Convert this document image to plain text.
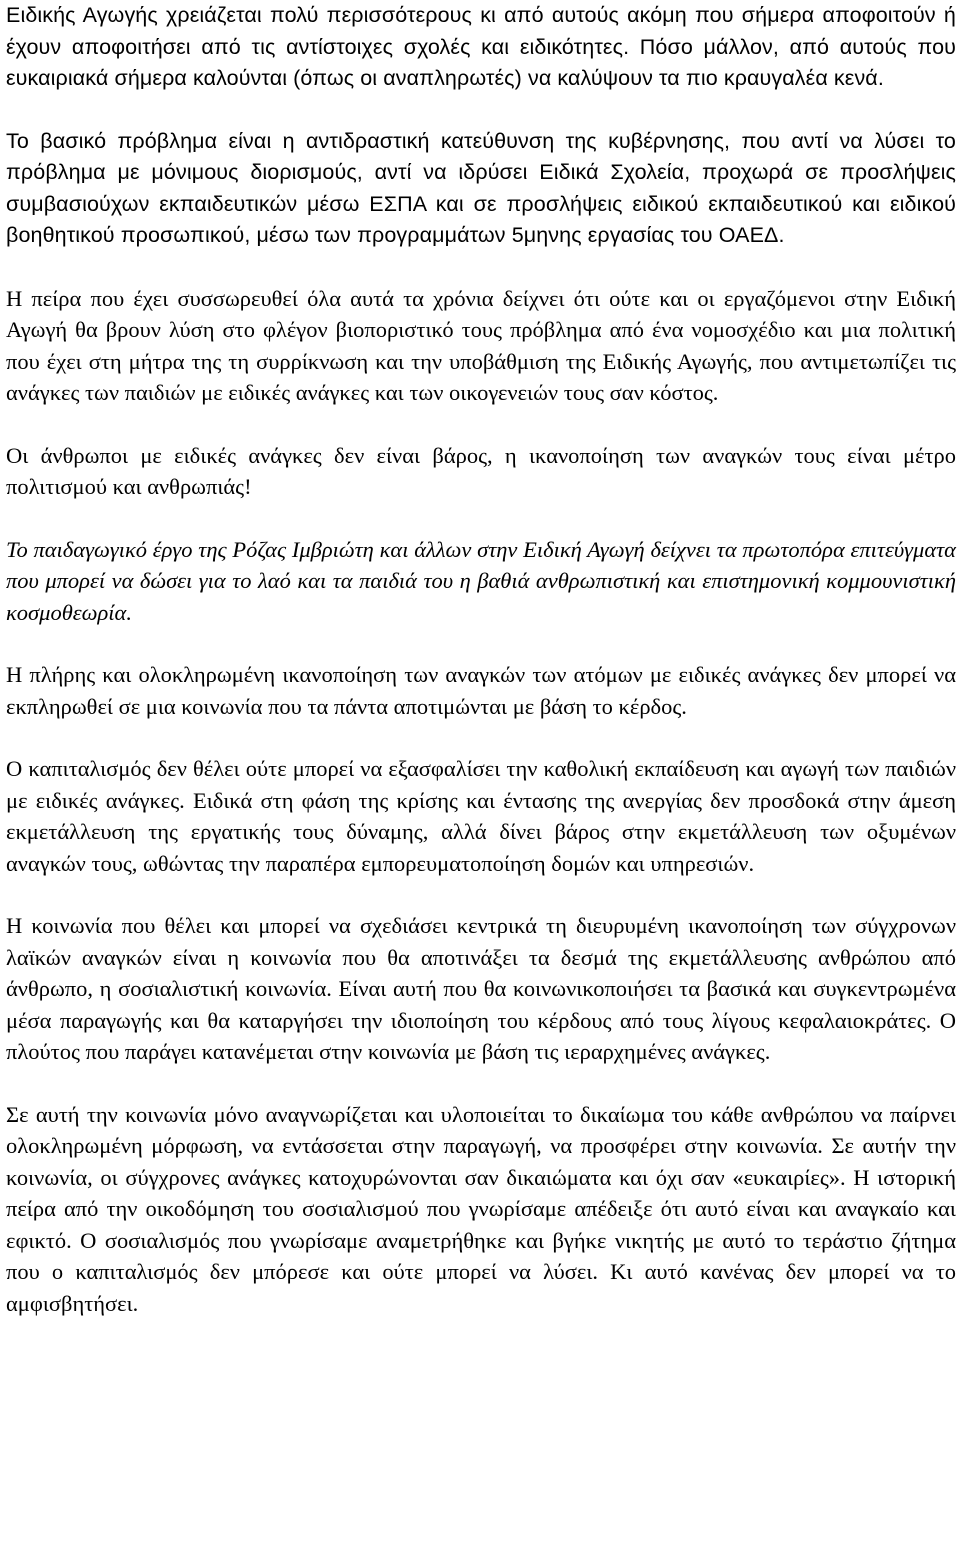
Ειδικής Αγωγής χρειάζεται πολύ περισσότερους κι από αυτούς ακόμη που σήμερα αποφοιτούν ή έχουν αποφοιτήσει από τις αντίστοιχες σχολές και ειδικότητες. Πόσο μάλλον, από αυτούς που ευκαιριακά σήμερα καλούνται (όπως οι αναπληρωτές) να καλύψουν τα πιο κραυγαλέα κενά.

Το βασικό πρόβλημα είναι η αντιδραστική κατεύθυνση της κυβέρνησης, που αντί να λύσει το πρόβλημα με μόνιμους διορισμούς, αντί να ιδρύσει Ειδικά Σχολεία, προχωρά σε προσλήψεις συμβασιούχων εκπαιδευτικών μέσω ΕΣΠΑ και σε προσλήψεις ειδικού εκπαιδευτικού και ειδικού βοηθητικού προσωπικού, μέσω των προγραμμάτων 5μηνης εργασίας του ΟΑΕΔ.

Η πείρα που έχει συσσωρευθεί όλα αυτά τα χρόνια δείχνει ότι ούτε και οι εργαζόμενοι στην Ειδική Αγωγή θα βρουν λύση στο φλέγον βιοποριστικό τους πρόβλημα από ένα νομοσχέδιο και μια πολιτική που έχει στη μήτρα της τη συρρίκνωση και την υποβάθμιση της Ειδικής Αγωγής, που αντιμετωπίζει τις ανάγκες των παιδιών με ειδικές ανάγκες και των οικογενειών τους σαν κόστος.

Οι άνθρωποι με ειδικές ανάγκες δεν είναι βάρος, η ικανοποίηση των αναγκών τους είναι μέτρο πολιτισμού και ανθρωπιάς!

Το παιδαγωγικό έργο της Ρόζας Ιμβριώτη και άλλων στην Ειδική Αγωγή δείχνει τα πρωτοπόρα επιτεύγματα που μπορεί να δώσει για το λαό και τα παιδιά του η βαθιά ανθρωπιστική και επιστημονική κομμουνιστική κοσμοθεωρία.

Η πλήρης και ολοκληρωμένη ικανοποίηση των αναγκών των ατόμων με ειδικές ανάγκες δεν μπορεί να εκπληρωθεί σε μια κοινωνία που τα πάντα αποτιμώνται με βάση το κέρδος.

Ο καπιταλισμός δεν θέλει ούτε μπορεί να εξασφαλίσει την καθολική εκπαίδευση και αγωγή των παιδιών με ειδικές ανάγκες. Ειδικά στη φάση της κρίσης και έντασης της ανεργίας δεν προσδοκά στην άμεση εκμετάλλευση της εργατικής τους δύναμης, αλλά δίνει βάρος στην εκμετάλλευση των οξυμένων αναγκών τους, ωθώντας την παραπέρα εμπορευματοποίηση δομών και υπηρεσιών.

Η κοινωνία που θέλει και μπορεί να σχεδιάσει κεντρικά τη διευρυμένη ικανοποίηση των σύγχρονων λαϊκών αναγκών είναι η κοινωνία που θα αποτινάξει τα δεσμά της εκμετάλλευσης ανθρώπου από άνθρωπο, η σοσιαλιστική κοινωνία. Είναι αυτή που θα κοινωνικοποιήσει τα βασικά και συγκεντρωμένα μέσα παραγωγής και θα καταργήσει την ιδιοποίηση του κέρδους από τους λίγους κεφαλαιοκράτες. Ο πλούτος που παράγει κατανέμεται στην κοινωνία με βάση τις ιεραρχημένες ανάγκες.

Σε αυτή την κοινωνία μόνο αναγνωρίζεται και υλοποιείται το δικαίωμα του κάθε ανθρώπου να παίρνει ολοκληρωμένη μόρφωση, να εντάσσεται στην παραγωγή, να προσφέρει στην κοινωνία. Σε αυτήν την κοινωνία, οι σύγχρονες ανάγκες κατοχυρώνονται σαν δικαιώματα και όχι σαν «ευκαιρίες». Η ιστορική πείρα από την οικοδόμηση του σοσιαλισμού που γνωρίσαμε απέδειξε ότι αυτό είναι και αναγκαίο και εφικτό. Ο σοσιαλισμός που γνωρίσαμε αναμετρήθηκε και βγήκε νικητής με αυτό το τεράστιο ζήτημα που ο καπιταλισμός δεν μπόρεσε και ούτε μπορεί να λύσει. Κι αυτό κανένας δεν μπορεί να το αμφισβητήσει.
